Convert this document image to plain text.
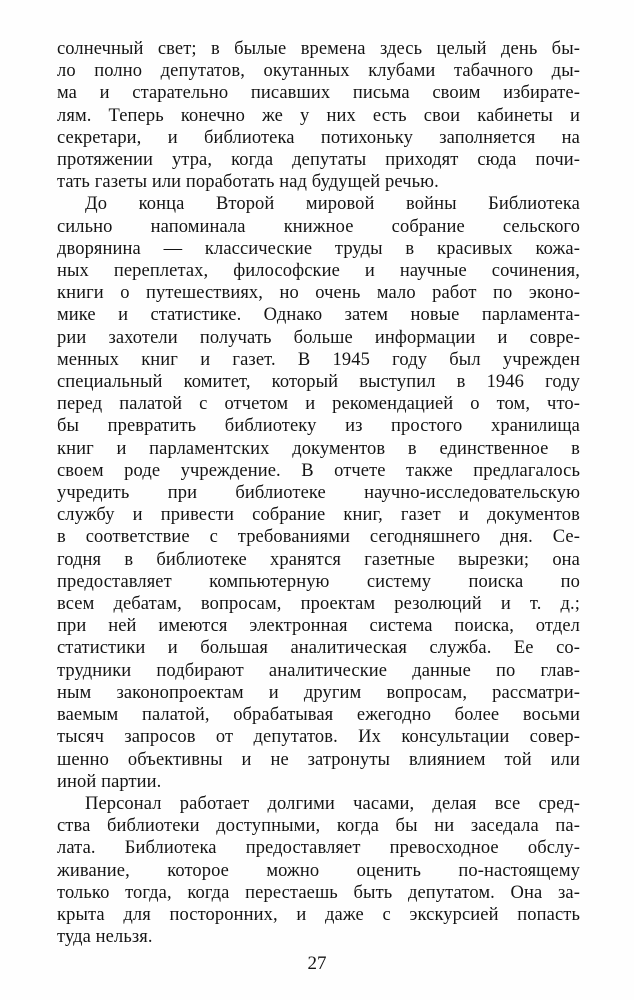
солнечный свет; в былые времена здесь целый день бы-
ло полно депутатов, окутанных клубами табачного ды-
ма и старательно писавших письма своим избирате-
лям. Теперь конечно же у них есть свои кабинеты и
секретари, и библиотека потихоньку заполняется на
протяжении утра, когда депутаты приходят сюда почи-
тать газеты или поработать над будущей речью.

До конца Второй мировой войны Библиотека
сильно напоминала книжное собрание сельского
дворянина — классические труды в красивых кожа-
ных переплетах, философские и научные сочинения,
книги о путешествиях, но очень мало работ по эконо-
мике и статистике. Однако затем новые парламента-
рии захотели получать больше информации и совре-
менных книг и газет. В 1945 году был учрежден
специальный комитет, который выступил в 1946 году
перед палатой с отчетом и рекомендацией о том, что-
бы превратить библиотеку из простого хранилища
книг и парламентских документов в единственное в
своем роде учреждение. В отчете также предлагалось
учредить при библиотеке научно-исследовательскую
службу и привести собрание книг, газет и документов
в соответствие с требованиями сегодняшнего дня. Се-
годня в библиотеке хранятся газетные вырезки; она
предоставляет компьютерную систему поиска по
всем дебатам, вопросам, проектам резолюций и т. д.;
при ней имеются электронная система поиска, отдел
статистики и большая аналитическая служба. Ее со-
трудники подбирают аналитические данные по глав-
ным законопроектам и другим вопросам, рассматри-
ваемым палатой, обрабатывая ежегодно более восьми
тысяч запросов от депутатов. Их консультации совер-
шенно объективны и не затронуты влиянием той или
иной партии.

Персонал работает долгими часами, делая все сред-
ства библиотеки доступными, когда бы ни заседала па-
лата. Библиотека предоставляет превосходное обслу-
живание, которое можно оценить по-настоящему
только тогда, когда перестаешь быть депутатом. Она за-
крыта для посторонних, и даже с экскурсией попасть
туда нельзя.

27
